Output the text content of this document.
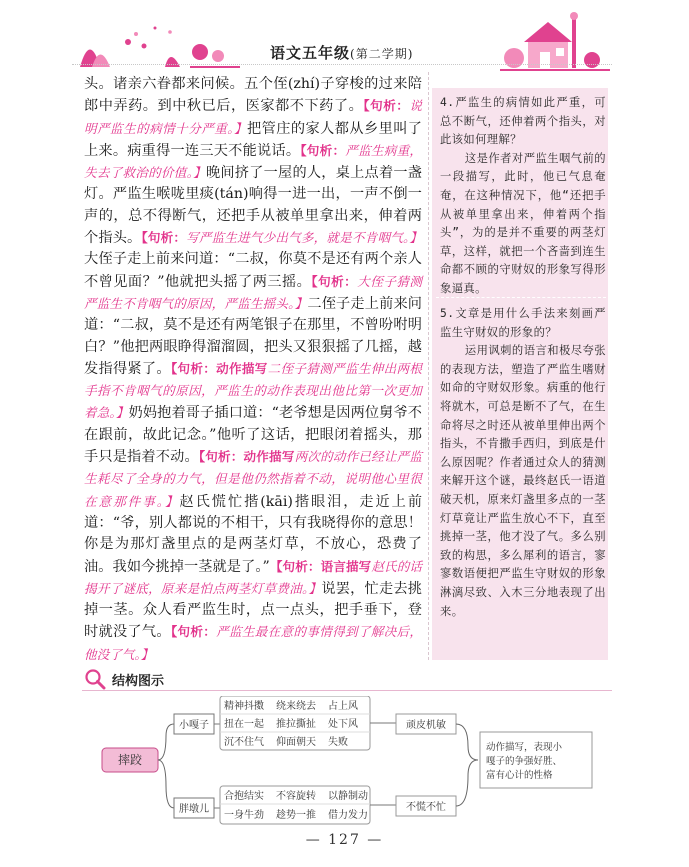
语文五年级(第二学期)

头。诸亲六眷都来问候。五个侄(zhí)子穿梭的过来陪郎中弄药。到中秋已后，医家都不下药了。【句析：说明严监生的病情十分严重。】把管庄的家人都从乡里叫了上来。病重得一连三天不能说话。【句析：严监生病重，失去了救治的价值。】晚间挤了一屋的人，桌上点着一盏灯。严监生喉咙里痰(tán)响得一进一出，一声不倒一声的，总不得断气，还把手从被单里拿出来，伸着两个指头。【句析：写严监生进气少出气多，就是不肯咽气。】大侄子走上前来问道：“二叔，你莫不是还有两个亲人不曾见面？”他就把头摇了两三摇。【句析：大侄子猜测严监生不肯咽气的原因，严监生摇头。】二侄子走上前来问道：“二叔，莫不是还有两笔银子在那里，不曾吩咐明白？”他把两眼睁得溜溜圆，把头又狠狠摇了几摇，越发指得紧了。【句析：动作描写二侄子猜测严监生伸出两根手指不肯咽气的原因，严监生的动作表现出他比第一次更加着急。】奶妈抱着哥子插口道：“老爷想是因两位舅爷不在跟前，故此记念。”他听了这话，把眼闭着摇头，那手只是指着不动。【句析：动作描写两次的动作已经让严监生耗尽了全身的力气，但是他仍然指着不动，说明他心里很在意那件事。】赵氏慌忙揩(kāi)揩眼泪，走近上前道：“爷，别人都说的不相干，只有我晓得你的意思！你是为那灯盏里点的是两茎灯草，不放心，恐费了油。我如今挑掉一茎就是了。”【句析：语言描写赵氏的话揭开了谜底，原来是怕点两茎灯草费油。】说罢，忙走去挑掉一茎。众人看严监生时，点一点头，把手垂下，登时就没了气。【句析：严监生最在意的事情得到了解决后，他没了气。】

4.严监生的病情如此严重，可总不断气，还伸着两个指头，对此该如何理解？

这是作者对严监生咽气前的一段描写，此时，他已气息奄奄，在这种情况下，他“还把手从被单里拿出来，伸着两个指头”，为的是并不重要的两茎灯草，这样，就把一个吝啬到连生命都不顾的守财奴的形象写得形象逼真。

5.文章是用什么手法来刻画严监生守财奴的形象的？

运用讽刺的语言和极尽夸张的表现方法，塑造了严监生嗜财如命的守财奴形象。病重的他行将就木，可总是断不了气，在生命将尽之时还从被单里伸出两个指头，不肯撒手西归，到底是什么原因呢？作者通过众人的猜测来解开这个谜，最终赵氏一语道破天机，原来灯盏里多点的一茎灯草竟让严监生放心不下，直至挑掉一茎，他才没了气。多么别致的构思，多么犀利的语言，寥寥数语便把严监生守财奴的形象淋漓尽致、入木三分地表现了出来。

结构图示
摔跤
小嘎子
胖墩儿
精神抖擞 绕来绕去 占上风
扭在一起 推拉撕扯 处下风
沉不住气 仰面朝天 失败
合抱结实 不容旋转 以静制动
一身牛劲 趁势一推 借力发力
顽皮机敏
不慌不忙
动作描写，表现小
嘎子的争强好胜、
富有心计的性格
— 127 —
